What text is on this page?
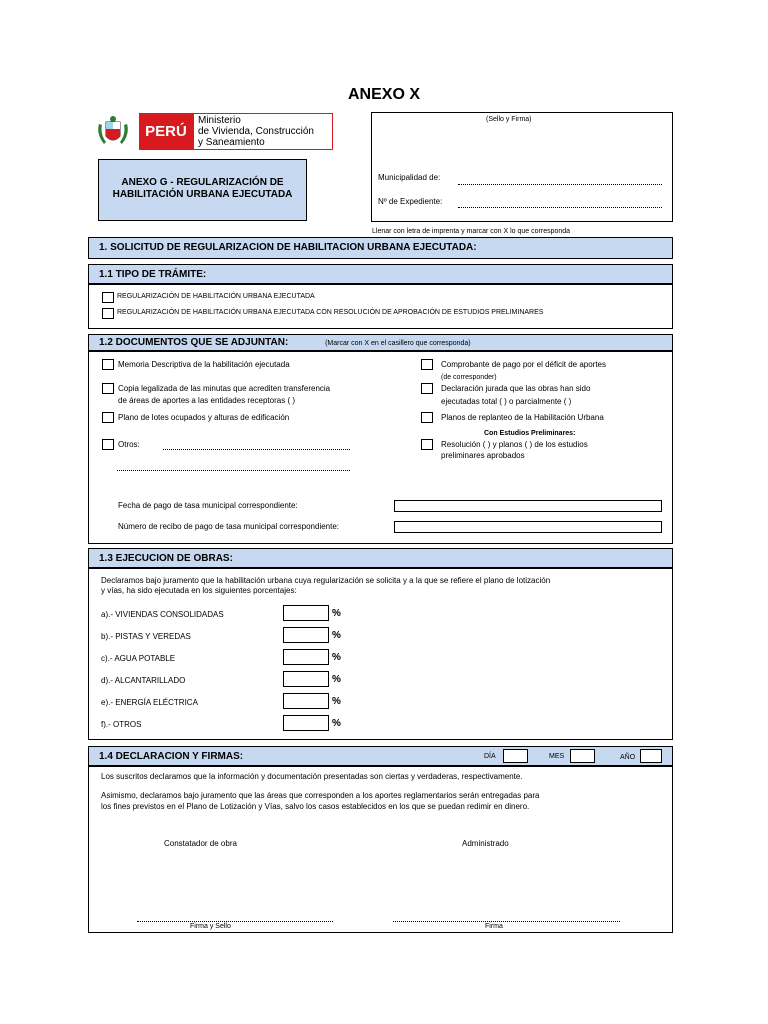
ANEXO X
PERÚ
Ministerio
de Vivienda, Construcción
y Saneamiento
ANEXO G - REGULARIZACIÓN DE
HABILITACIÓN URBANA EJECUTADA
(Sello y Firma)
Municipalidad de:
Nº de Expediente:
Llenar con letra de imprenta y marcar con X lo que corresponda
1. SOLICITUD DE REGULARIZACION DE HABILITACION URBANA EJECUTADA:
1.1 TIPO DE TRÁMITE:
REGULARIZACIÓN DE HABILITACIÓN URBANA EJECUTADA
REGULARIZACIÓN DE HABILITACIÓN URBANA EJECUTADA CON RESOLUCIÓN DE APROBACIÓN DE ESTUDIOS PRELIMINARES
1.2 DOCUMENTOS QUE SE ADJUNTAN:	(Marcar con X en el casillero que corresponda)
Memoria Descriptiva de la habilitación ejecutada
Copia legalizada de las minutas que acrediten transferencia
de áreas de aportes a las entidades receptoras ( )
Plano de lotes ocupados y alturas de edificación
Otros:
Comprobante de pago por el déficit de aportes
(de corresponder)
Declaración jurada que las obras han sido
ejecutadas total ( ) o parcialmente ( )
Planos de replanteo de la Habilitación Urbana
Con Estudios Preliminares:
Resolución ( ) y planos ( ) de los estudios
preliminares aprobados
Fecha de pago de tasa municipal correspondiente:
Número de recibo de pago de tasa municipal correspondiente:
1.3 EJECUCION DE OBRAS:
Declaramos bajo juramento que la habilitación urbana cuya regularización se solicita y a la que se refiere el plano de lotización
y vías, ha sido ejecutada en los siguientes porcentajes:
a).- VIVIENDAS CONSOLIDADAS	%
b).- PISTAS Y VEREDAS	%
c).- AGUA POTABLE	%
d).- ALCANTARILLADO	%
e).- ENERGÍA ELÉCTRICA	%
f).- OTROS	%
1.4 DECLARACION Y FIRMAS:	DÍA	MES	AÑO
Los suscritos declaramos que la información y documentación presentadas son ciertas y verdaderas, respectivamente.
Asimismo, declaramos bajo juramento que las áreas que corresponden a los aportes reglamentarios serán entregadas para
los fines previstos en el Plano de Lotización y Vías, salvo los casos establecidos en los que se puedan redimir en dinero.
Constatador de obra	Administrado
Firma y Sello	Firma
